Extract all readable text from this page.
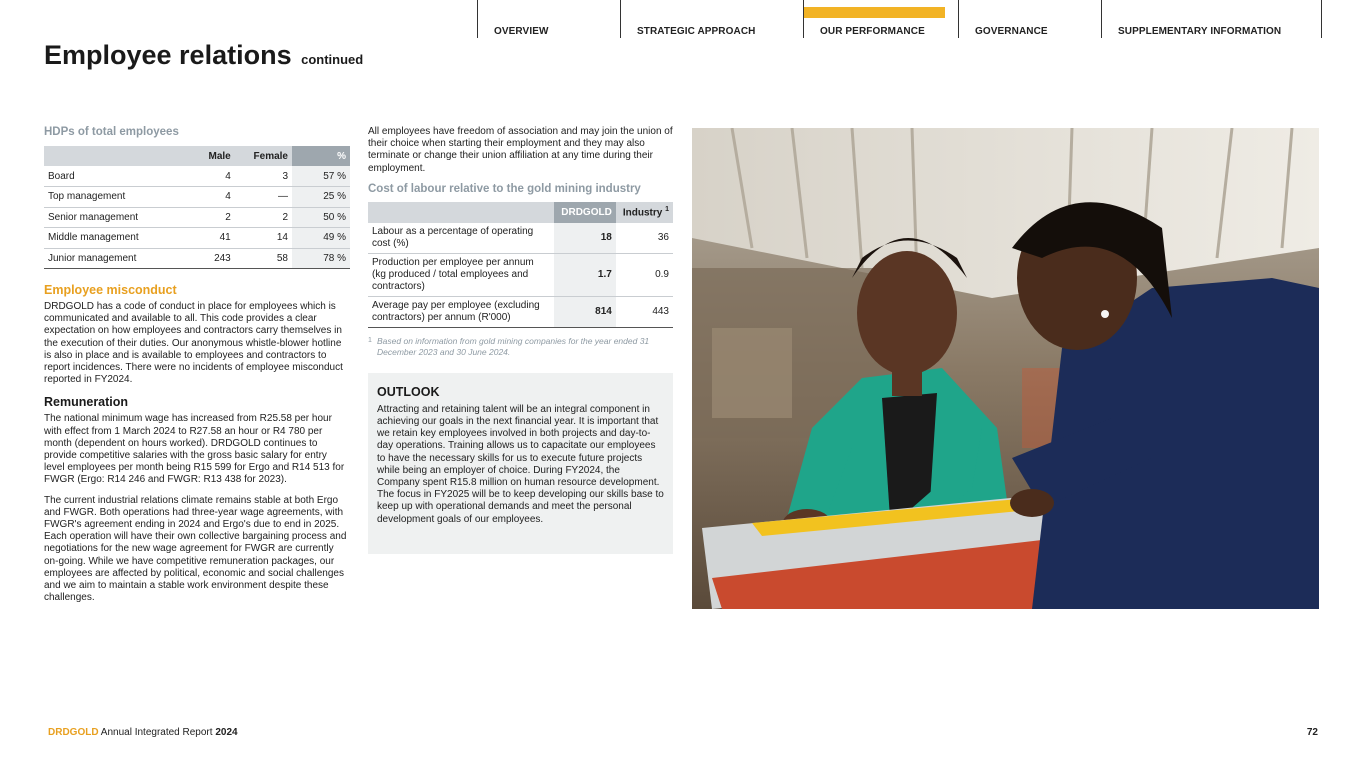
OVERVIEW	STRATEGIC APPROACH	OUR PERFORMANCE	GOVERNANCE	SUPPLEMENTARY INFORMATION
Employee relations continued
HDPs of total employees
	Male	Female	%
Board	4	3	57 %
Top management	4	—	25 %
Senior management	2	2	50 %
Middle management	41	14	49 %
Junior management	243	58	78 %
Employee misconduct
DRDGOLD has a code of conduct in place for employees which is communicated and available to all. This code provides a clear expectation on how employees and contractors carry themselves in the execution of their duties. Our anonymous whistle-blower hotline is also in place and is available to employees and contractors to report incidences. There were no incidents of employee misconduct reported in FY2024.
Remuneration
The national minimum wage has increased from R25.58 per hour with effect from 1 March 2024 to R27.58 an hour or R4 780 per month (dependent on hours worked). DRDGOLD continues to provide competitive salaries with the gross basic salary for entry level employees per month being R15 599 for Ergo and R14 513 for FWGR (Ergo: R14 246 and FWGR: R13 438 for 2023).
The current industrial relations climate remains stable at both Ergo and FWGR. Both operations had three-year wage agreements, with FWGR's agreement ending in 2024 and Ergo's due to end in 2025. Each operation will have their own collective bargaining process and negotiations for the new wage agreement for FWGR are currently on-going. While we have competitive remuneration packages, our employees are affected by political, economic and social challenges and we aim to maintain a stable work environment despite these challenges.
All employees have freedom of association and may join the union of their choice when starting their employment and they may also terminate or change their union affiliation at any time during their employment.
Cost of labour relative to the gold mining industry
	DRDGOLD	Industry $^1$
Labour as a percentage of operating cost (%)	18	36
Production per employee per annum (kg produced / total employees and contractors)	1.7	0.9
Average pay per employee (excluding contractors) per annum (R'000)	814	443
1 Based on information from gold mining companies for the year ended 31 December 2023 and 30 June 2024.
OUTLOOK
Attracting and retaining talent will be an integral component in achieving our goals in the next financial year. It is important that we retain key employees involved in both projects and day-to-day operations. Training allows us to capacitate our employees to have the necessary skills for us to execute future projects while being an employer of choice. During FY2024, the Company spent R15.8 million on human resource development. The focus in FY2025 will be to keep developing our skills base to keep up with operational demands and meet the personal development goals of our employees.
DRDGOLD Annual Integrated Report 2024	72
